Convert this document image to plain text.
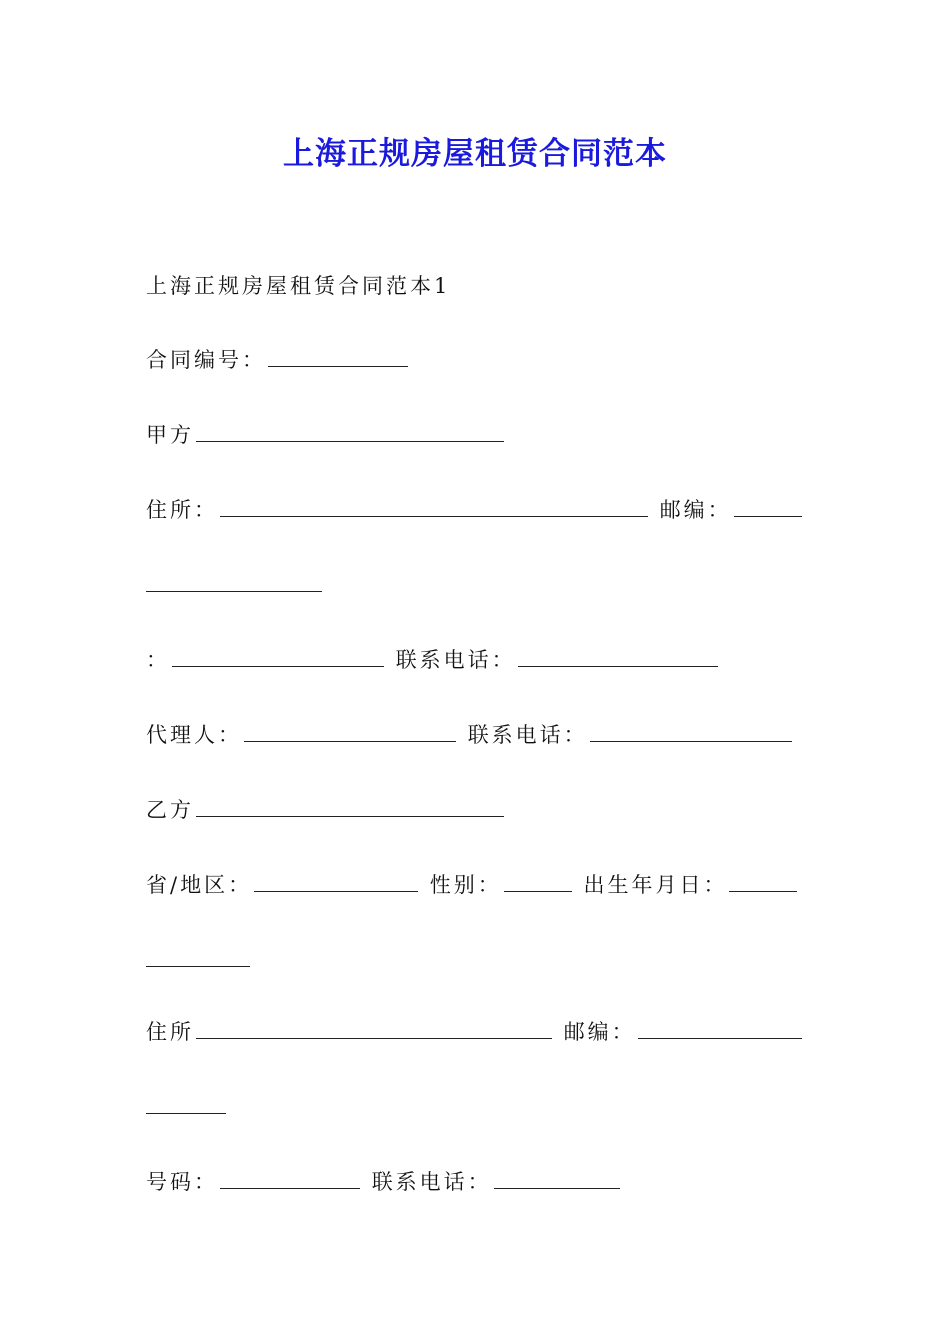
上海正规房屋租赁合同范本
上海正规房屋租赁合同范本1
合同编号：
甲方
住所：	邮编：
：	联系电话：
代理人：	联系电话：
乙方
省/地区：	性别：	出生年月日：
住所	邮编：
号码：	联系电话：
